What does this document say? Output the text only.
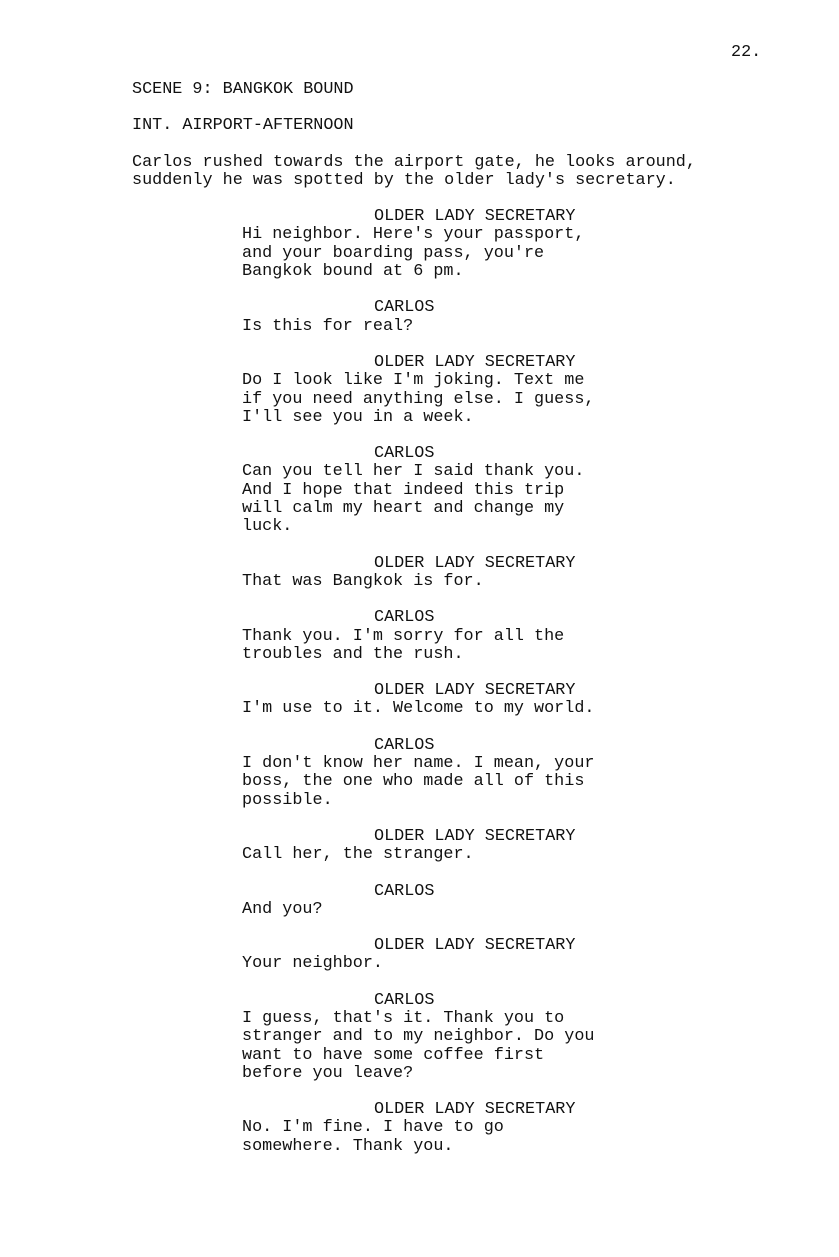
22.
SCENE 9: BANGKOK BOUND
INT. AIRPORT-AFTERNOON
Carlos rushed towards the airport gate, he looks around,
suddenly he was spotted by the older lady's secretary.
OLDER LADY SECRETARY
Hi neighbor. Here's your passport,
and your boarding pass, you're
Bangkok bound at 6 pm.
CARLOS
Is this for real?
OLDER LADY SECRETARY
Do I look like I'm joking. Text me
if you need anything else. I guess,
I'll see you in a week.
CARLOS
Can you tell her I said thank you.
And I hope that indeed this trip
will calm my heart and change my
luck.
OLDER LADY SECRETARY
That was Bangkok is for.
CARLOS
Thank you. I'm sorry for all the
troubles and the rush.
OLDER LADY SECRETARY
I'm use to it. Welcome to my world.
CARLOS
I don't know her name. I mean, your
boss, the one who made all of this
possible.
OLDER LADY SECRETARY
Call her, the stranger.
CARLOS
And you?
OLDER LADY SECRETARY
Your neighbor.
CARLOS
I guess, that's it. Thank you to
stranger and to my neighbor. Do you
want to have some coffee first
before you leave?
OLDER LADY SECRETARY
No. I'm fine. I have to go
somewhere. Thank you.
